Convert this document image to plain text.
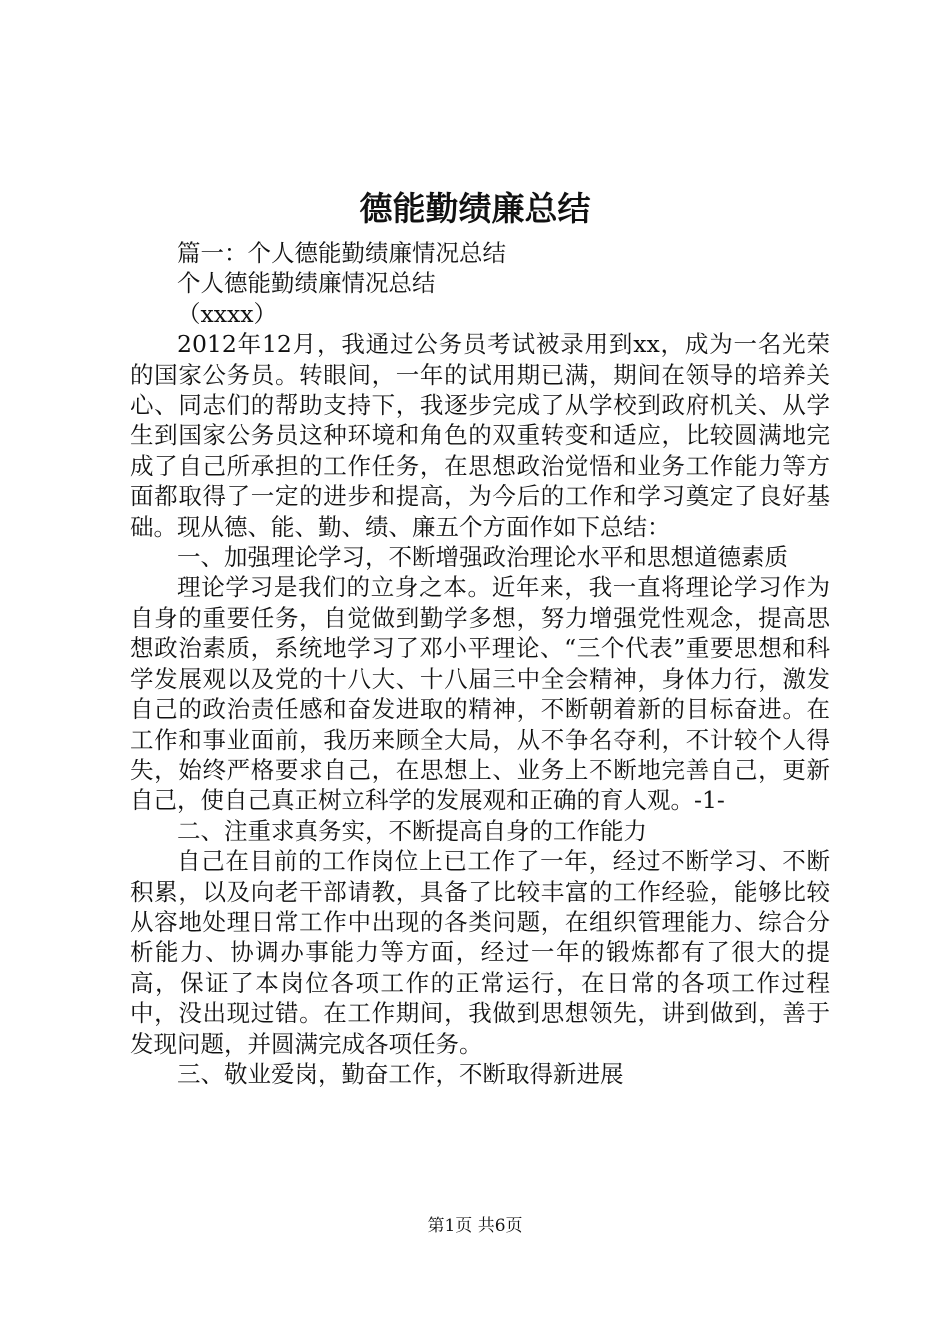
德能勤绩廉总结

篇一：个人德能勤绩廉情况总结

个人德能勤绩廉情况总结

（xxxx）

2012年12月，我通过公务员考试被录用到xx，成为一名光荣的国家公务员。转眼间，一年的试用期已满，期间在领导的培养关心、同志们的帮助支持下，我逐步完成了从学校到政府机关、从学生到国家公务员这种环境和角色的双重转变和适应，比较圆满地完成了自己所承担的工作任务，在思想政治觉悟和业务工作能力等方面都取得了一定的进步和提高，为今后的工作和学习奠定了良好基础。现从德、能、勤、绩、廉五个方面作如下总结：

一、加强理论学习，不断增强政治理论水平和思想道德素质

理论学习是我们的立身之本。近年来，我一直将理论学习作为自身的重要任务，自觉做到勤学多想，努力增强党性观念，提高思想政治素质，系统地学习了邓小平理论、“三个代表”重要思想和科学发展观以及党的十八大、十八届三中全会精神，身体力行，激发自己的政治责任感和奋发进取的精神，不断朝着新的目标奋进。在工作和事业面前，我历来顾全大局，从不争名夺利，不计较个人得失，始终严格要求自己，在思想上、业务上不断地完善自己，更新自己，使自己真正树立科学的发展观和正确的育人观。-1-

二、注重求真务实，不断提高自身的工作能力

自己在目前的工作岗位上已工作了一年，经过不断学习、不断积累，以及向老干部请教，具备了比较丰富的工作经验，能够比较从容地处理日常工作中出现的各类问题，在组织管理能力、综合分析能力、协调办事能力等方面，经过一年的锻炼都有了很大的提高，保证了本岗位各项工作的正常运行，在日常的各项工作过程中，没出现过错。在工作期间，我做到思想领先，讲到做到，善于发现问题，并圆满完成各项任务。

三、敬业爱岗，勤奋工作，不断取得新进展

第1页 共6页
